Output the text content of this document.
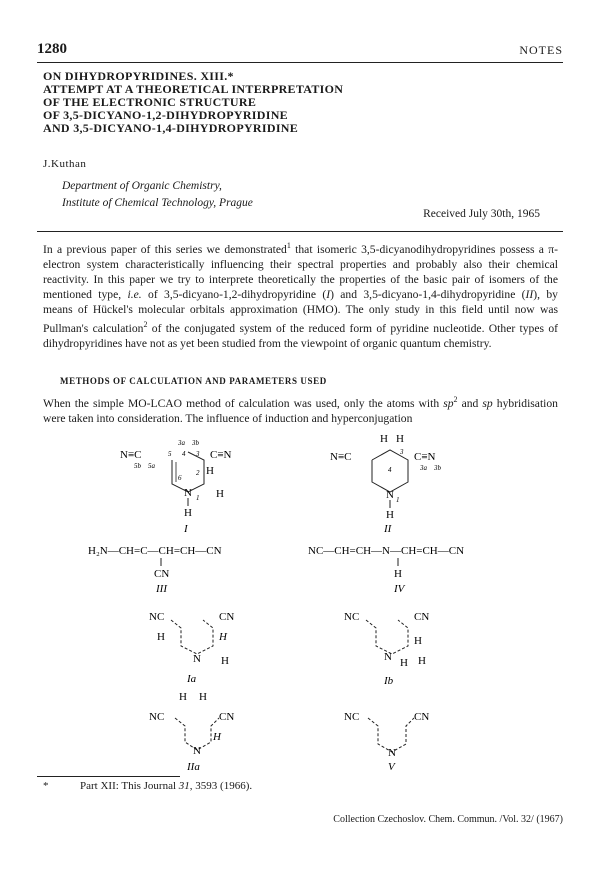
1280	NOTES
ON DIHYDROPYRIDINES. XIII.*
ATTEMPT AT A THEORETICAL INTERPRETATION
OF THE ELECTRONIC STRUCTURE
OF 3,5-DICYANO-1,2-DIHYDROPYRIDINE
AND 3,5-DICYANO-1,4-DIHYDROPYRIDINE
J.Kuthan
Department of Organic Chemistry,
Institute of Chemical Technology, Prague
Received July 30th, 1965
In a previous paper of this series we demonstrated$^1$ that isomeric 3,5-dicyanodihydropyridines possess a π-electron system characteristically influencing their spectral properties and probably also their chemical reactivity. In this paper we try to interprete theoretically the properties of the basic pair of isomers of the mentioned type, i.e. of 3,5-dicyano-1,2-dihydropyridine (I) and 3,5-dicyano-1,4-dihydropyridine (II), by means of Hückel's molecular orbitals approximation (HMO). The only study in this field until now was Pullman's calculation$^2$ of the conjugated system of the reduced form of pyridine nucleotide. Other types of dihydropyridines have not as yet been studied from the viewpoint of organic quantum chemistry.
METHODS OF CALCULATION AND PARAMETERS USED
When the simple MO-LCAO method of calculation was used, only the atoms with $sp^2$ and sp hybridisation were taken into consideration. The influence of induction and hyperconjugation
3a 3b
N≡C	5 4 3 C≡N
5b 5a
6
2 H
N 1 H
H
I
H H
N≡C	3 C≡N
3a 3b
4
N 1
H
II
H₂N—CH=C—CH=CH—CN
CN
III
NC—CH=CH—N—CH=CH—CN
H
IV
NC	CN
H	H
N H
Ia
NC	CN
H
N H H
Ib
H H
NC	CN
H
N
IIa
NC	CN
N
V
*	Part XII: This Journal 31, 3593 (1966).
Collection Czechoslov. Chem. Commun. /Vol. 32/ (1967)
